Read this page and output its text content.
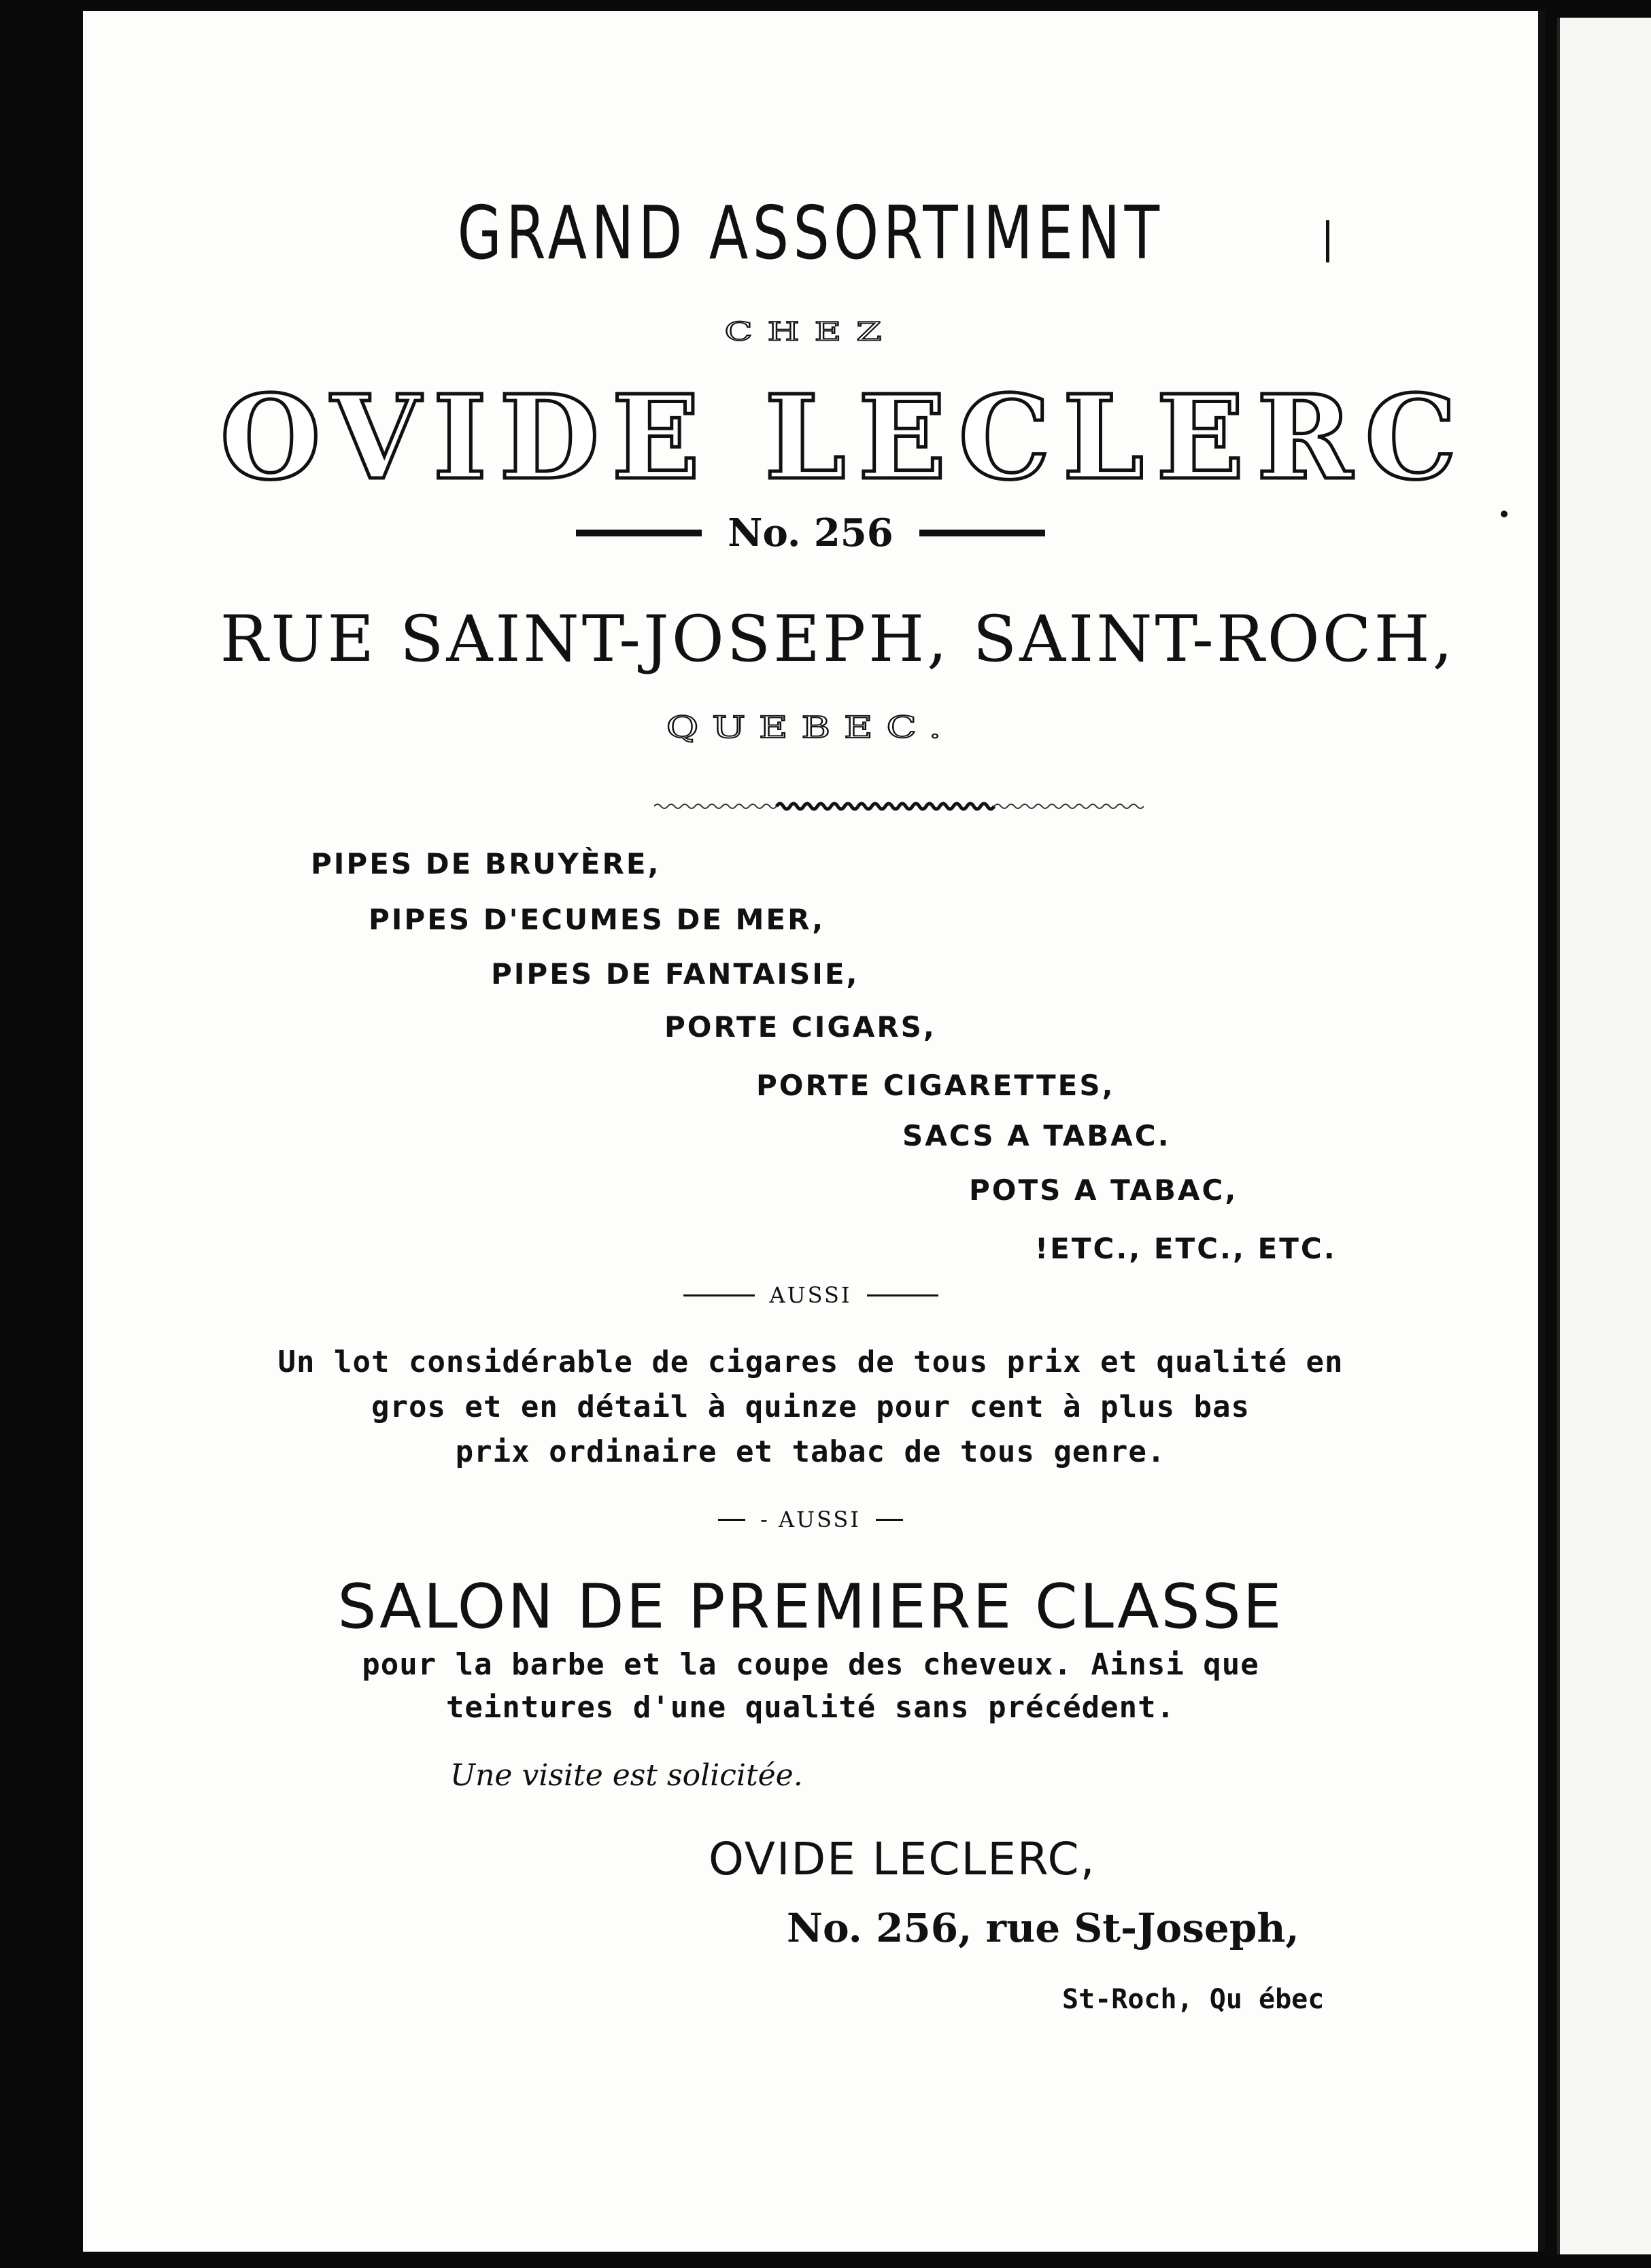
GRAND ASSORTIMENT
CHEZ
OVIDE LECLERC
No. 256
RUE SAINT-JOSEPH, SAINT-ROCH,
QUEBEC.
PIPES DE BRUYÈRE,
PIPES D'ECUMES DE MER,
PIPES DE FANTAISIE,
PORTE CIGARS,
PORTE CIGARETTES,
SACS A TABAC.
POTS A TABAC,
!ETC., ETC., ETC.
AUSSI
Un lot considérable de cigares de tous prix et qualité en
gros et en détail à quinze pour cent à plus bas
prix ordinaire et tabac de tous genre.
- AUSSI
SALON DE PREMIERE CLASSE
pour la barbe et la coupe des cheveux. Ainsi que
teintures d'une qualité sans précédent.
Une visite est solicitée.
OVIDE LECLERC,
No. 256, rue St-Joseph,
St-Roch, Qu ébec
